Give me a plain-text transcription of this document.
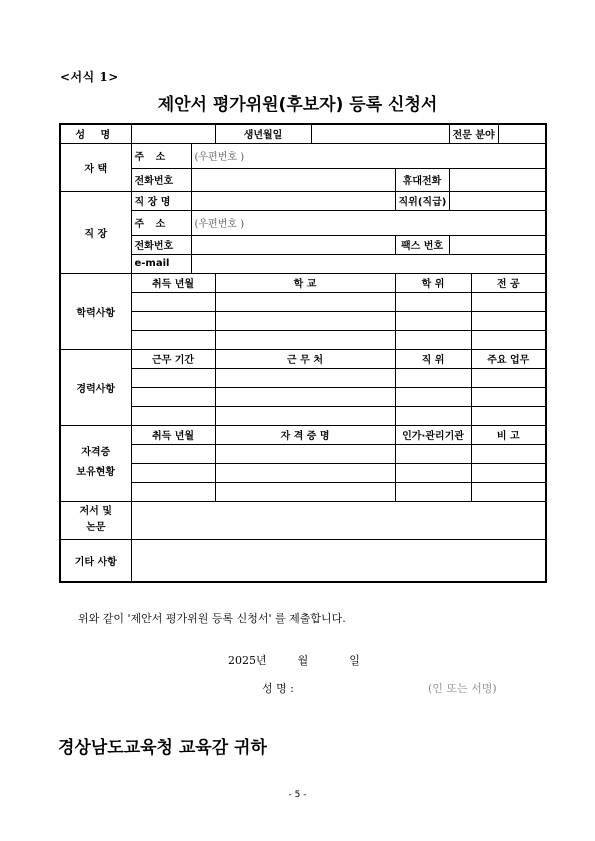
<서식 1>
제안서 평가위원(후보자) 등록 신청서
성 명			생년월일			전문 분야		
자 택	주 소	(우편번호 )						
	전화번호				휴대전화			
직 장	직 장 명				직위(직급)			
	주 소	(우편번호 )						
	전화번호				팩스 번호			
	e-mail							
학력사항	취득 년월		학 교		학 위		전 공	

경력사항	근무 기간		근 무 처		직 위		주요 업무	

자격증
보유현황	취득 년월		자 격 증 명		인가·관리기관		비 고	

저서 및
논문								

기타 사항								
위와 같이 '제안서 평가위원 등록 신청서' 를 제출합니다.
2025년	월	일
성 명 :	(인 또는 서명)
경상남도교육청 교육감 귀하
- 5 -
